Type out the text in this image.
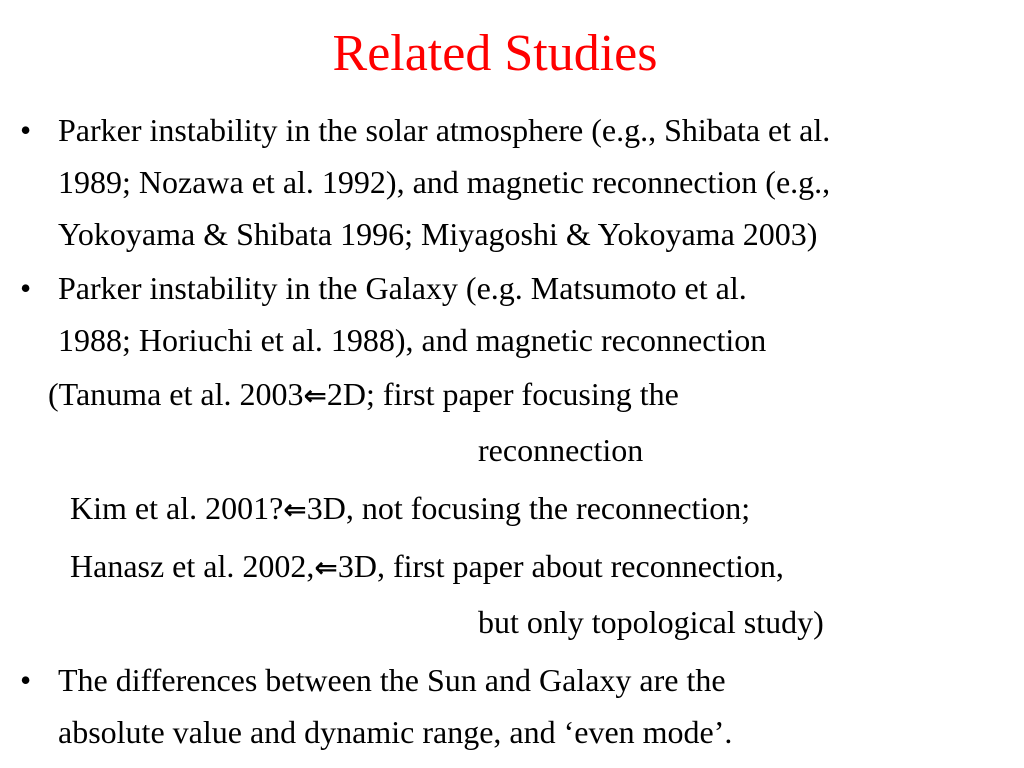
Related Studies
• Parker instability in the solar atmosphere (e.g., Shibata et al.
1989; Nozawa et al. 1992), and magnetic reconnection (e.g.,
Yokoyama & Shibata 1996; Miyagoshi & Yokoyama 2003)
• Parker instability in the Galaxy (e.g. Matsumoto et al.
1988; Horiuchi et al. 1988), and magnetic reconnection
(Tanuma et al. 2003⇐2D; first paper focusing the
reconnection
Kim et al. 2001?⇐3D, not focusing the reconnection;
Hanasz et al. 2002,⇐3D, first paper about reconnection,
but only topological study)
• The differences between the Sun and Galaxy are the
absolute value and dynamic range, and ‘even mode’.
